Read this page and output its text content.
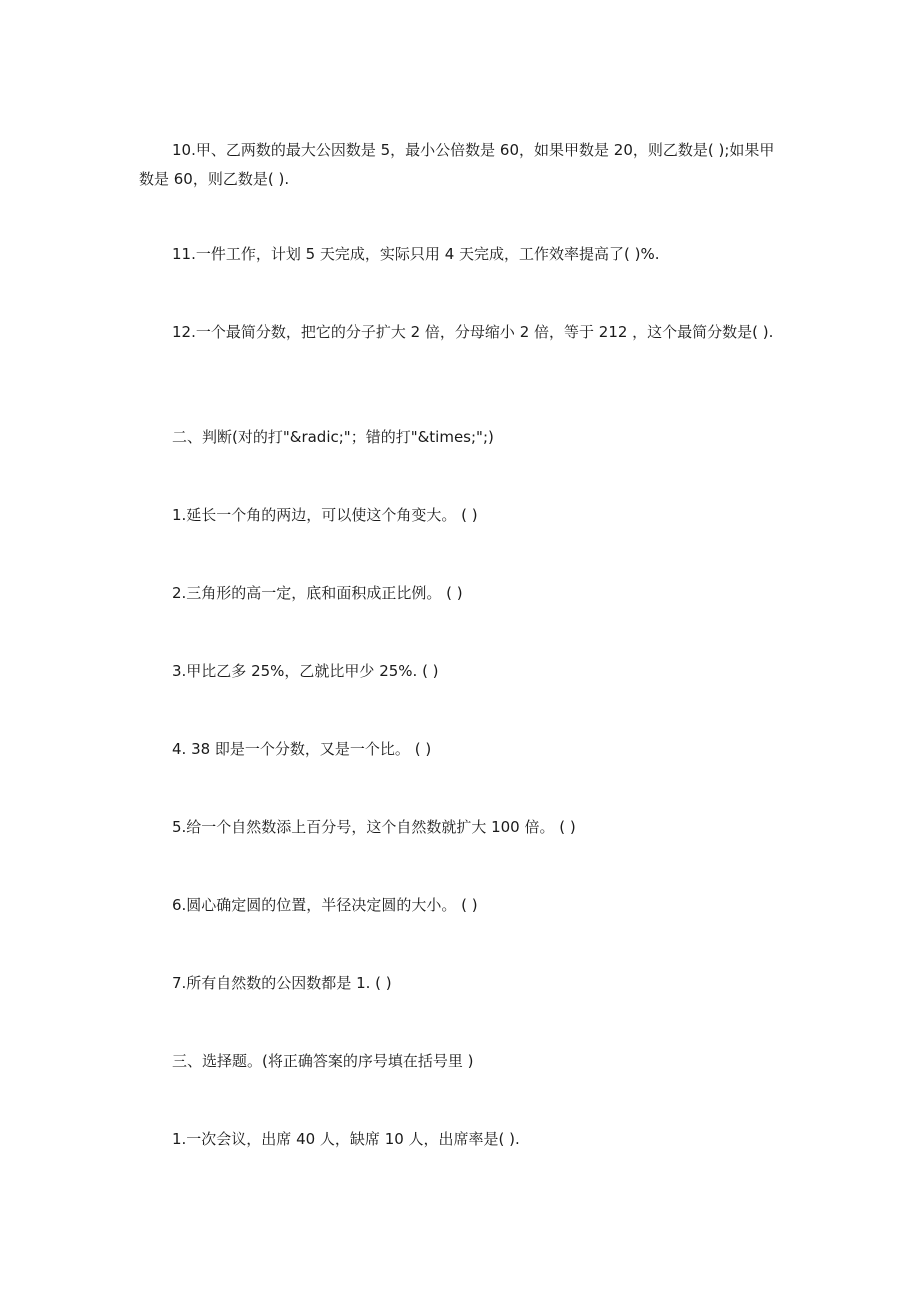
10.甲、乙两数的最大公因数是 5，最小公倍数是 60，如果甲数是 20，则乙数是( );如果甲数是 60，则乙数是( ).

11.一件工作，计划 5 天完成，实际只用 4 天完成，工作效率提高了( )%.

12.一个最简分数，把它的分子扩大 2 倍，分母缩小 2 倍，等于 212 ，这个最简分数是( ).

二、判断(对的打"&radic;"；错的打"&times;";)

1.延长一个角的两边，可以使这个角变大。 ( )

2.三角形的高一定，底和面积成正比例。 ( )

3.甲比乙多 25%，乙就比甲少 25%. ( )

4. 38 即是一个分数，又是一个比。 ( )

5.给一个自然数添上百分号，这个自然数就扩大 100 倍。 ( )

6.圆心确定圆的位置，半径决定圆的大小。 ( )

7.所有自然数的公因数都是 1. ( )

三、选择题。(将正确答案的序号填在括号里 )

1.一次会议，出席 40 人，缺席 10 人，出席率是( ).
